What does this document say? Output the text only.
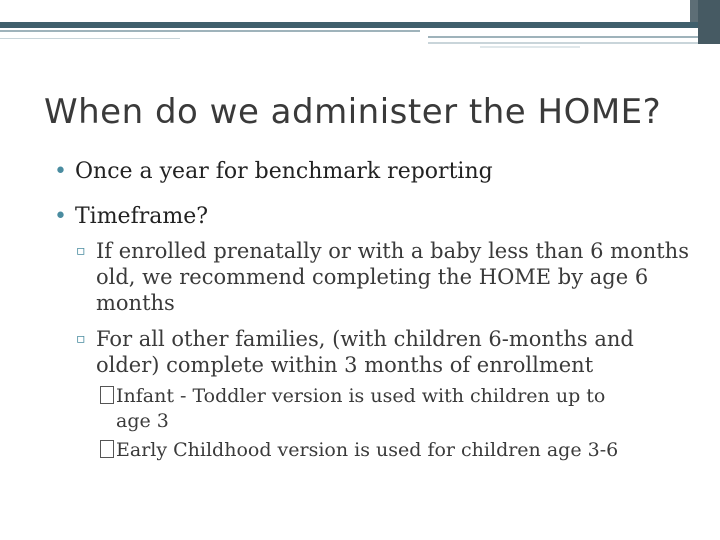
When do we administer the HOME?
• Once a year for benchmark reporting
• Timeframe?
▫ If enrolled prenatally or with a baby less than 6 months old, we recommend completing the HOME by age 6 months
▫ For all other families, (with children 6-months and older) complete within 3 months of enrollment
Infant - Toddler version is used with children up to
age 3
Early Childhood version is used for children age 3-6
